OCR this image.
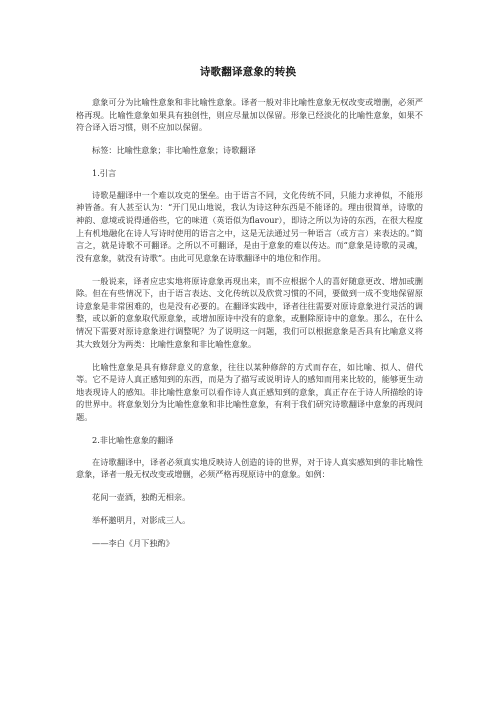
诗歌翻译意象的转换

意象可分为比喻性意象和非比喻性意象。译者一般对非比喻性意象无权改变或增删，必须严格再现。比喻性意象如果具有独创性，则应尽量加以保留。形象已经淡化的比喻性意象，如果不符合译入语习惯，则不应加以保留。

标签：比喻性意象；非比喻性意象；诗歌翻译

1.引言

诗歌是翻译中一个难以攻克的堡垒。由于语言不同，文化传统不同，只能力求神似，不能形神皆备。有人甚至认为：“开门见山地说，我认为诗这种东西是不能译的。理由很简单，诗歌的神韵、意境或说得通俗些，它的味道（英语似为flavour），即诗之所以为诗的东西，在很大程度上有机地融化在诗人写诗时使用的语言之中，这是无法通过另一种语言（或方言）来表达的。”简言之，就是诗歌不可翻译。之所以不可翻译，是由于意象的难以传达。而“意象是诗歌的灵魂，没有意象，就没有诗歌”。由此可见意象在诗歌翻译中的地位和作用。

一般说来，译者应忠实地将原诗意象再现出来，而不应根据个人的喜好随意更改、增加或删除。但在有些情况下，由于语言表达、文化传统以及欣赏习惯的不同，要做到一成不变地保留原诗意象是非常困难的，也是没有必要的。在翻译实践中，译者往往需要对原诗意象进行灵活的调整，或以新的意象取代原意象，或增加原诗中没有的意象，或删除原诗中的意象。那么，在什么情况下需要对原诗意象进行调整呢？为了说明这一问题，我们可以根据意象是否具有比喻意义将其大致划分为两类：比喻性意象和非比喻性意象。

比喻性意象是具有修辞意义的意象，往往以某种修辞的方式而存在，如比喻、拟人、借代等。它不是诗人真正感知到的东西，而是为了描写或说明诗人的感知而用来比较的，能够更生动地表现诗人的感知。非比喻性意象可以看作诗人真正感知到的意象，真正存在于诗人所描绘的诗的世界中。将意象划分为比喻性意象和非比喻性意象，有利于我们研究诗歌翻译中意象的再现问题。

2.非比喻性意象的翻译

在诗歌翻译中，译者必须真实地反映诗人创造的诗的世界，对于诗人真实感知到的非比喻性意象，译者一般无权改变或增删，必须严格再现原诗中的意象。如例：

花间一壶酒，独酌无相亲。

举杯邀明月，对影成三人。

——李白《月下独酌》
